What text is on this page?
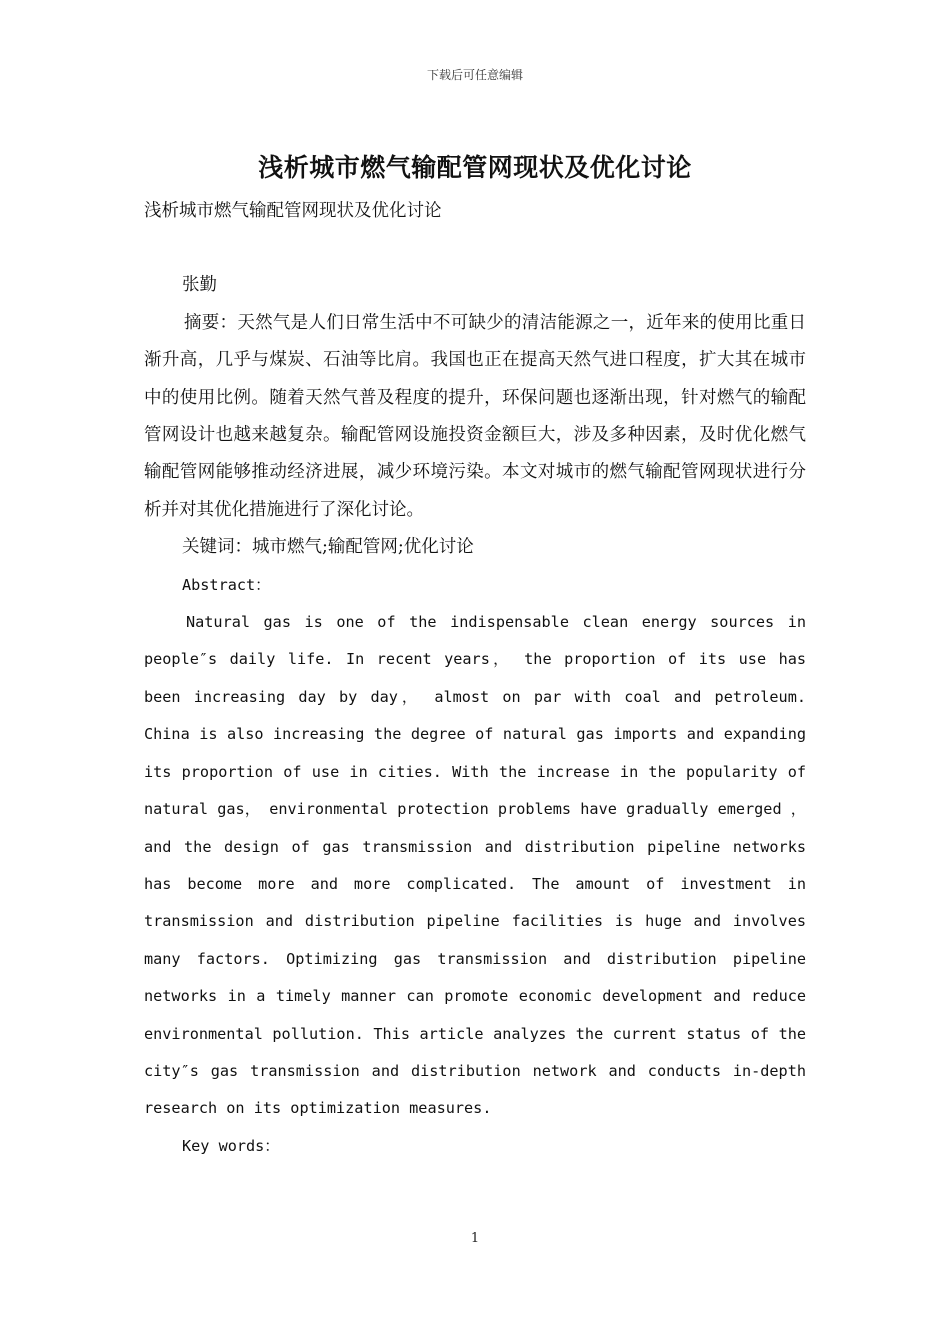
下载后可任意编辑
浅析城市燃气输配管网现状及优化讨论

浅析城市燃气输配管网现状及优化讨论

张勤

摘要：天然气是人们日常生活中不可缺少的清洁能源之一，近年来的使用比重日渐升高，几乎与煤炭、石油等比肩。我国也正在提高天然气进口程度，扩大其在城市中的使用比例。随着天然气普及程度的提升，环保问题也逐渐出现，针对燃气的输配管网设计也越来越复杂。输配管网设施投资金额巨大，涉及多种因素，及时优化燃气输配管网能够推动经济进展，减少环境污染。本文对城市的燃气输配管网现状进行分析并对其优化措施进行了深化讨论。

关键词：城市燃气;输配管网;优化讨论

Abstract：

Natural gas is one of the indispensable clean energy sources in people″s daily life. In recent years， the proportion of its use has been increasing day by day， almost on par with coal and petroleum. China is also increasing the degree of natural gas imports and expanding its proportion of use in cities. With the increase in the popularity of natural gas， environmental protection problems have gradually emerged ， and the design of gas transmission and distribution pipeline networks has become more and more complicated. The amount of investment in transmission and distribution pipeline facilities is huge and involves many factors. Optimizing gas transmission and distribution pipeline networks in a timely manner can promote economic development and reduce environmental pollution. This article analyzes the current status of the city″s gas transmission and distribution network and conducts in-depth research on its optimization measures.

Key words：

1
